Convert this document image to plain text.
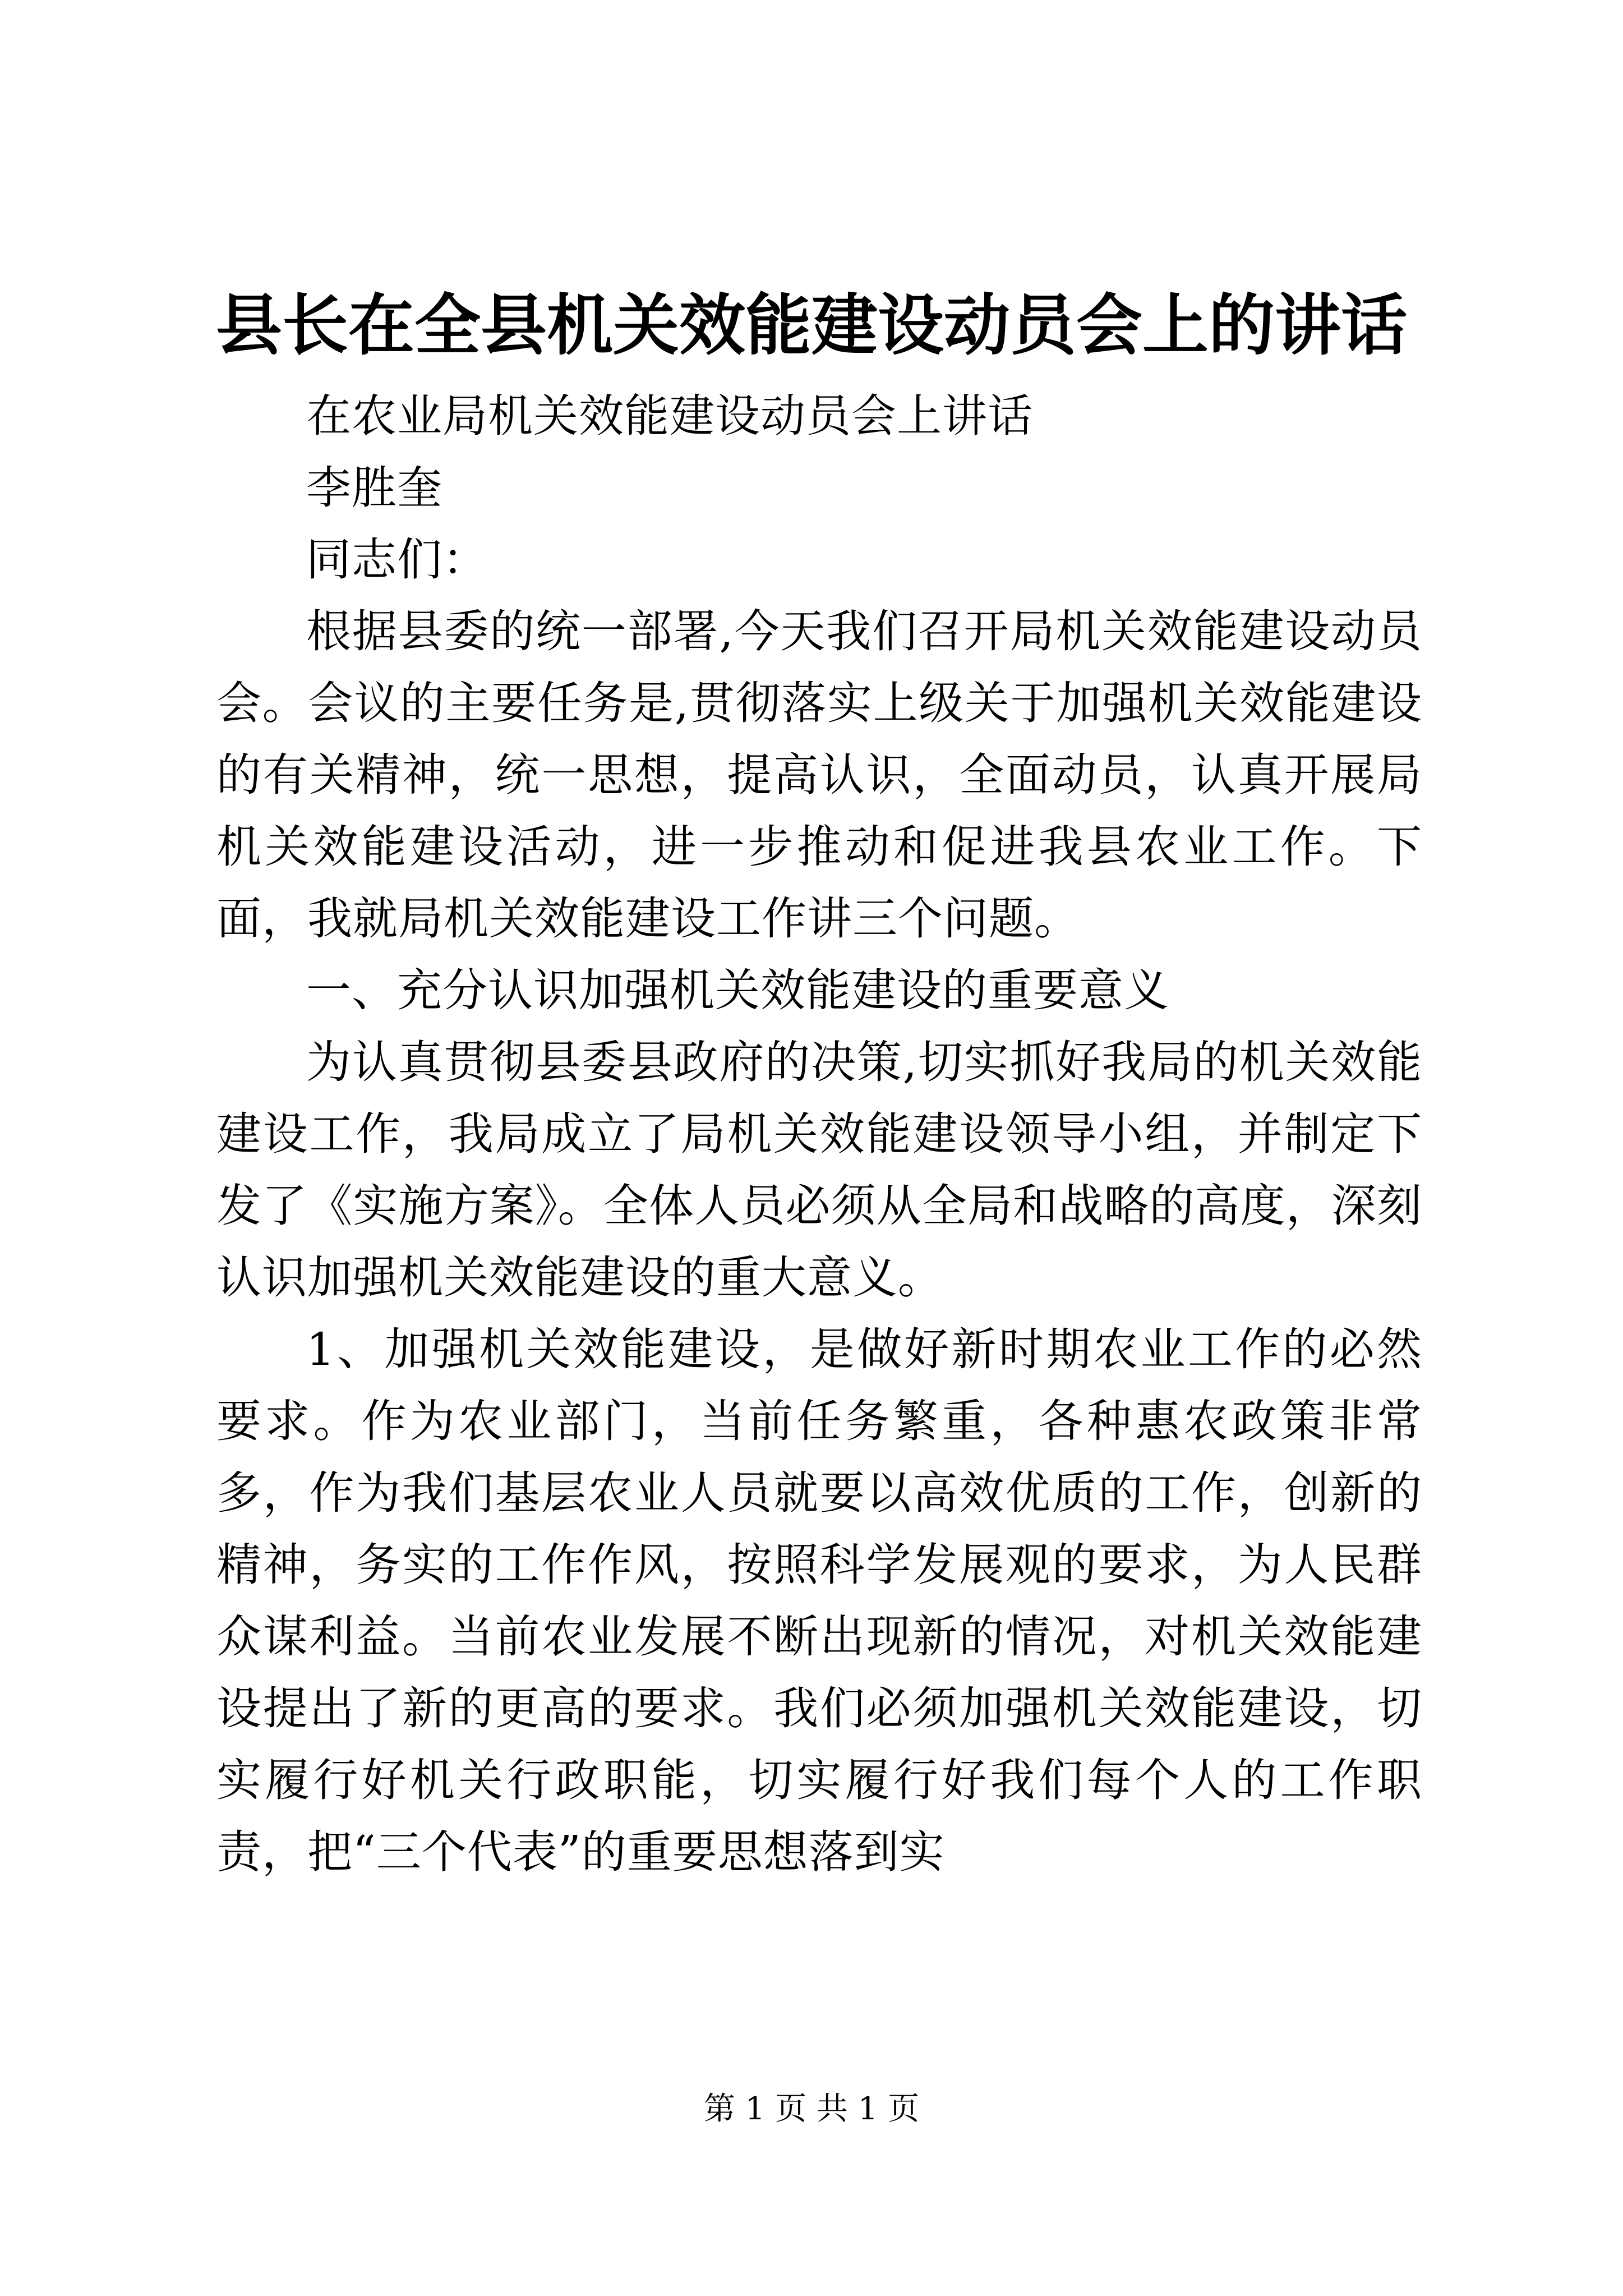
县长在全县机关效能建设动员会上的讲话

在农业局机关效能建设动员会上讲话

李胜奎

同志们：

根据县委的统一部署,今天我们召开局机关效能建设动员会。会议的主要任务是,贯彻落实上级关于加强机关效能建设的有关精神，统一思想，提高认识，全面动员，认真开展局机关效能建设活动，进一步推动和促进我县农业工作。下面，我就局机关效能建设工作讲三个问题。

一、充分认识加强机关效能建设的重要意义

为认真贯彻县委县政府的决策,切实抓好我局的机关效能建设工作，我局成立了局机关效能建设领导小组，并制定下发了《实施方案》。全体人员必须从全局和战略的高度，深刻认识加强机关效能建设的重大意义。

1、加强机关效能建设，是做好新时期农业工作的必然要求。作为农业部门，当前任务繁重，各种惠农政策非常多，作为我们基层农业人员就要以高效优质的工作，创新的精神，务实的工作作风，按照科学发展观的要求，为人民群众谋利益。当前农业发展不断出现新的情况，对机关效能建设提出了新的更高的要求。我们必须加强机关效能建设，切实履行好机关行政职能，切实履行好我们每个人的工作职责，把“三个代表”的重要思想落到实

第 1 页 共 1 页
